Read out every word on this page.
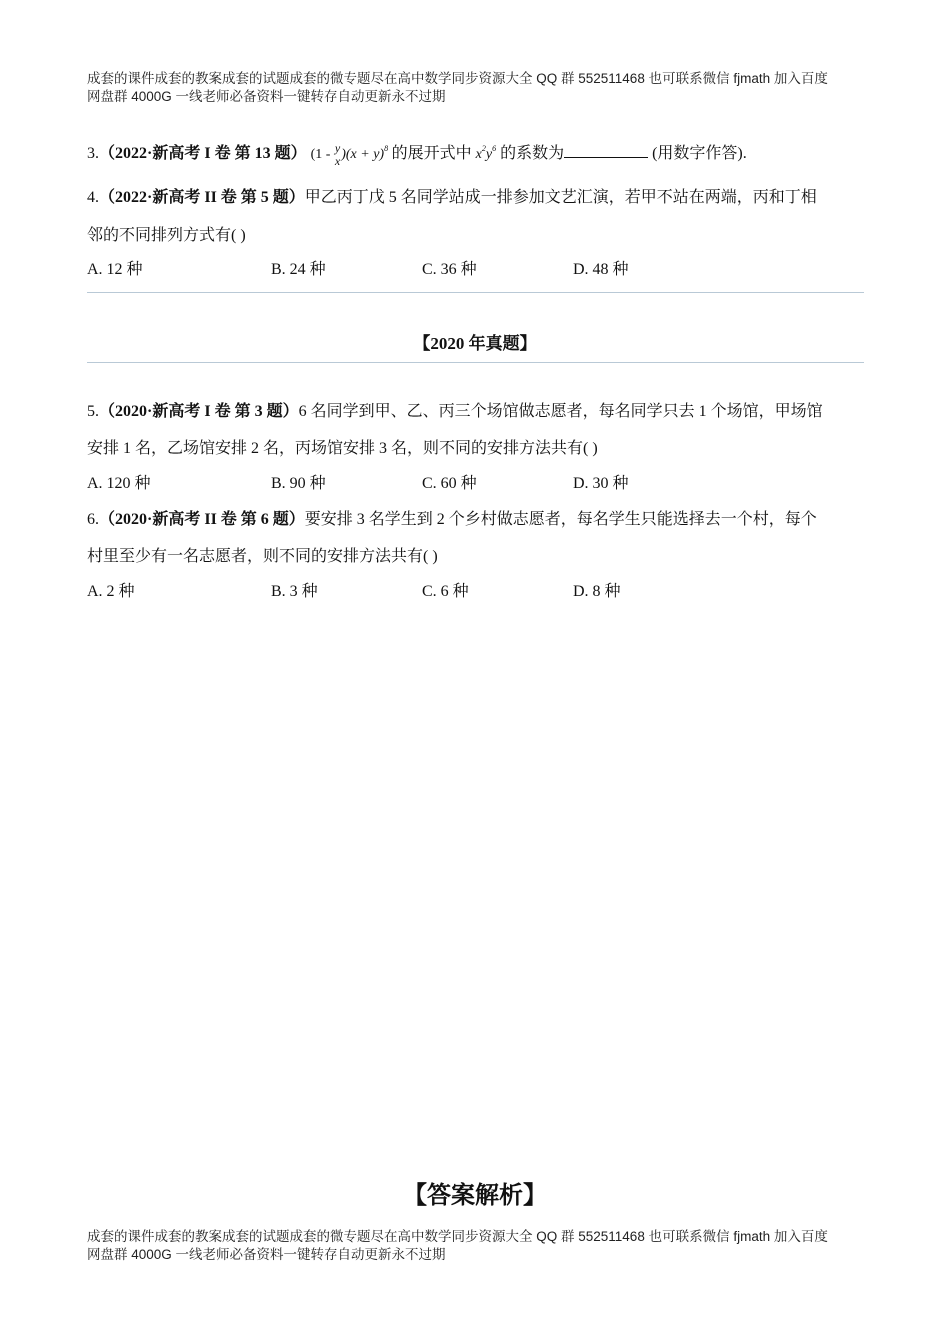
成套的课件成套的教案成套的试题成套的微专题尽在高中数学同步资源大全 QQ 群 552511468 也可联系微信 fjmath 加入百度
网盘群 4000G 一线老师必备资料一键转存自动更新永不过期
3.（2022·新高考 I 卷 第 13 题） (1 - y
x )$(x + y)^8$ 的展开式中 $x^2y^6$ 的系数为	(用数字作答).
4.（2022·新高考 II 卷 第 5 题）甲乙丙丁戊 5 名同学站成一排参加文艺汇演，若甲不站在两端，丙和丁相
邻的不同排列方式有( )
A. 12 种	B. 24 种	C. 36 种	D. 48 种
【2020 年真题】
5.（2020·新高考 I 卷 第 3 题）6 名同学到甲、乙、丙三个场馆做志愿者，每名同学只去 1 个场馆，甲场馆
安排 1 名，乙场馆安排 2 名，丙场馆安排 3 名，则不同的安排方法共有( )
A. 120 种	B. 90 种	C. 60 种	D. 30 种
6.（2020·新高考 II 卷 第 6 题）要安排 3 名学生到 2 个乡村做志愿者，每名学生只能选择去一个村，每个
村里至少有一名志愿者，则不同的安排方法共有( )
A. 2 种	B. 3 种	C. 6 种	D. 8 种
【答案解析】
成套的课件成套的教案成套的试题成套的微专题尽在高中数学同步资源大全 QQ 群 552511468 也可联系微信 fjmath 加入百度
网盘群 4000G 一线老师必备资料一键转存自动更新永不过期
